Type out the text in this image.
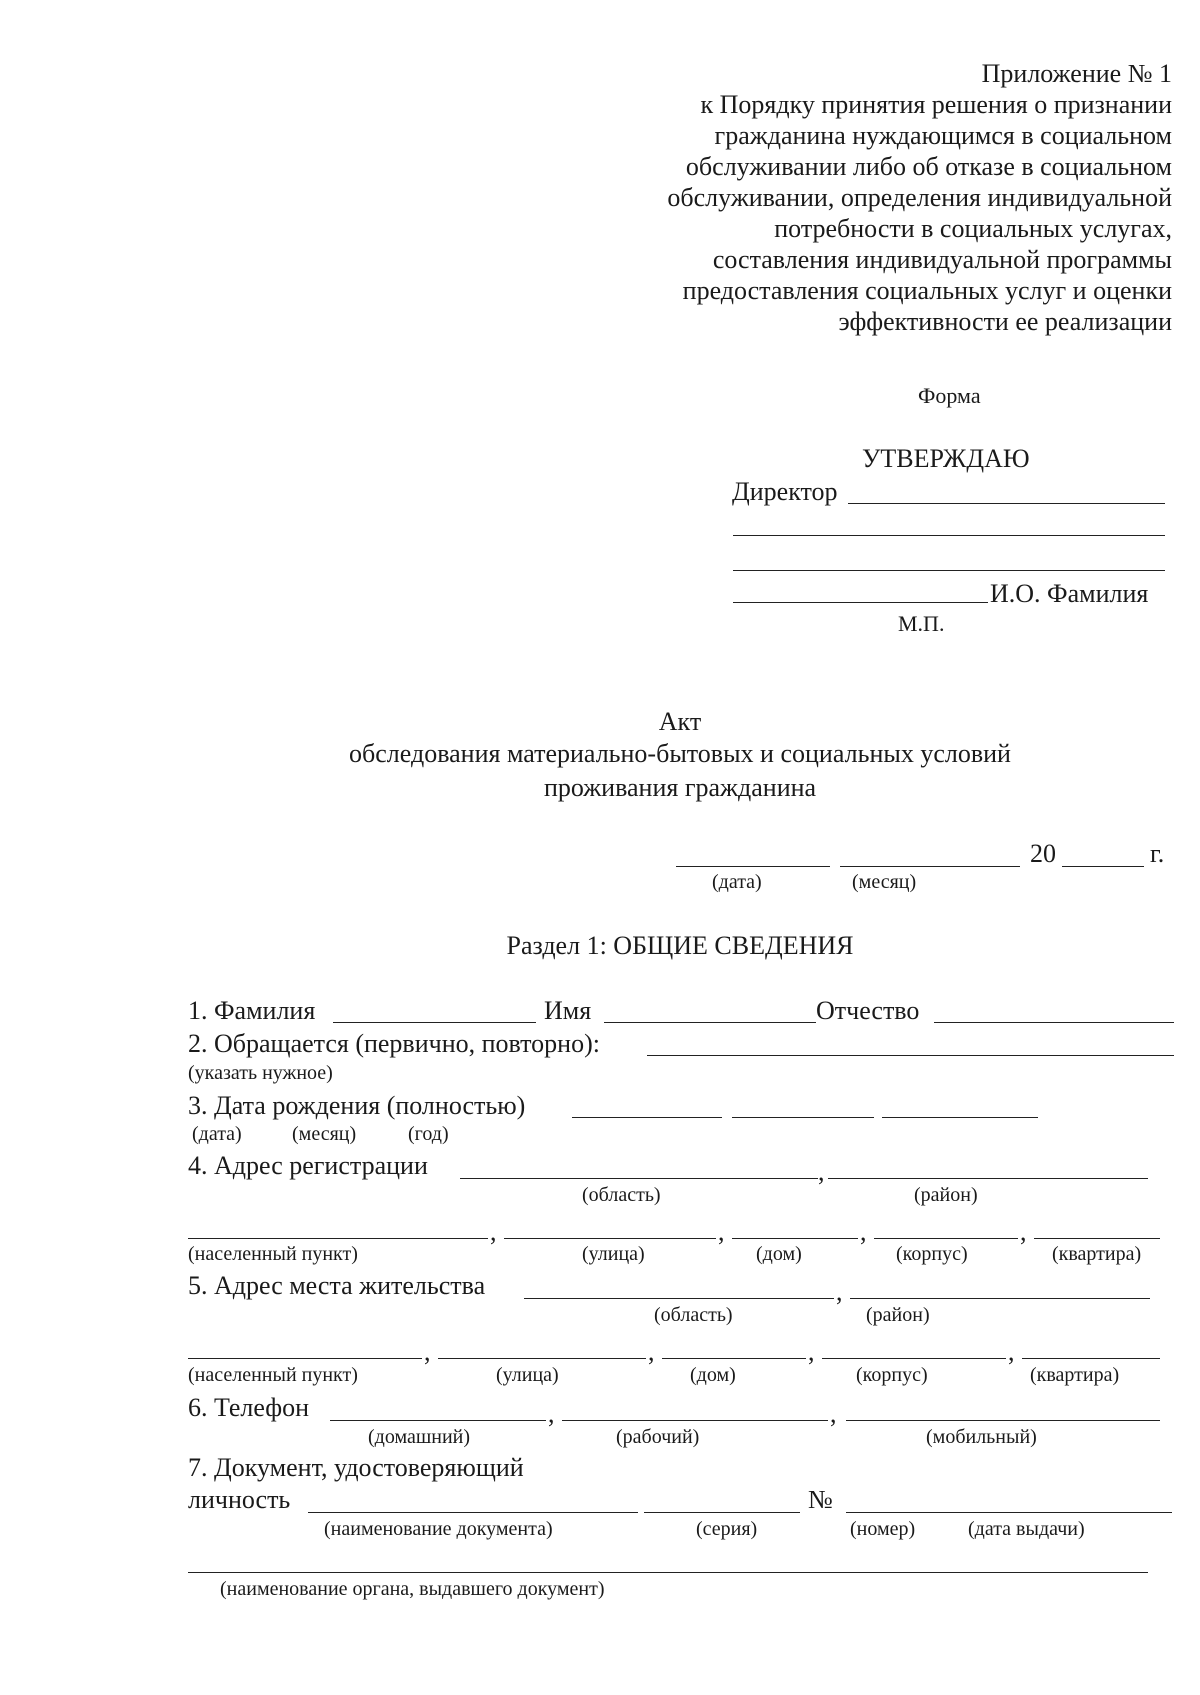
Приложение № 1
к Порядку принятия решения о признании
гражданина нуждающимся в социальном
обслуживании либо об отказе в социальном
обслуживании, определения индивидуальной
потребности в социальных услугах,
составления индивидуальной программы
предоставления социальных услуг и оценки
эффективности ее реализации
Форма
УТВЕРЖДАЮ
Директор
И.О. Фамилия
М.П.
Акт
обследования материально-бытовых и социальных условий
проживания гражданина
20	г.
(дата)	(месяц)
Раздел 1: ОБЩИЕ СВЕДЕНИЯ
1. Фамилия	Имя	Отчество
2. Обращается (первично, повторно):
(указать нужное)
3. Дата рождения (полностью)
(дата)	(месяц)	(год)
4. Адрес регистрации	,
(область)	(район)
,	,	,	,
(населенный пункт)	(улица)	(дом)	(корпус)	(квартира)
5. Адрес места жительства	,
(область)	(район)
,	,	,	,
(населенный пункт)	(улица)	(дом)	(корпус)	(квартира)
6. Телефон	,	,
(домашний)	(рабочий)	(мобильный)
7. Документ, удостоверяющий
личность	№
(наименование документа)	(серия)	(номер)	(дата выдачи)
(наименование органа, выдавшего документ)
